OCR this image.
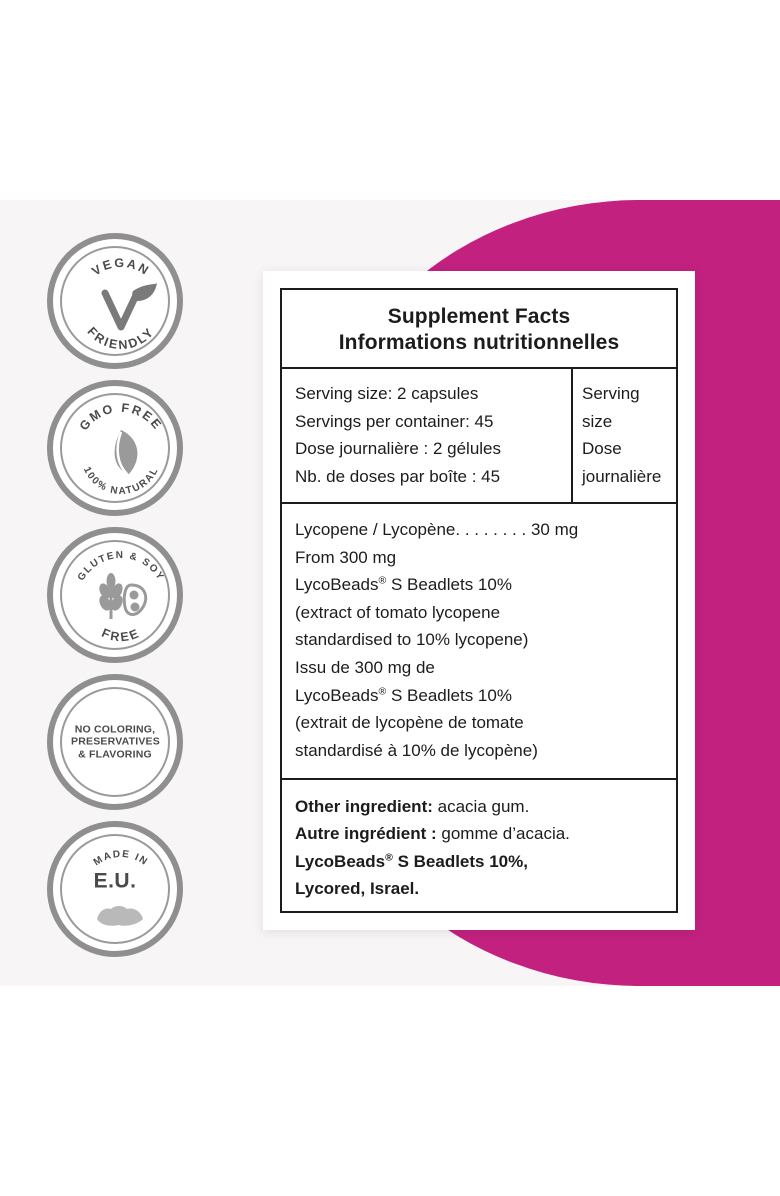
VEGAN
FRIENDLY
GMO FREE
100% NATURAL
GLUTEN & SOY
FREE
NO COLORING,
PRESERVATIVES
& FLAVORING
MADE IN
E.U.
Supplement Facts
Informations nutritionnelles
Serving size: 2 capsules
Servings per container: 45
Dose journalière : 2 gélules
Nb. de doses par boîte : 45
Serving
size
Dose
journalière
Lycopene / Lycopène. . . . . . . . 30 mg
From 300 mg
LycoBeads® S Beadlets 10%
(extract of tomato lycopene
standardised to 10% lycopene)
Issu de 300 mg de
LycoBeads® S Beadlets 10%
(extrait de lycopène de tomate
standardisé à 10% de lycopène)
Other ingredient: acacia gum.
Autre ingrédient : gomme d’acacia.
LycoBeads® S Beadlets 10%,
Lycored, Israel.
